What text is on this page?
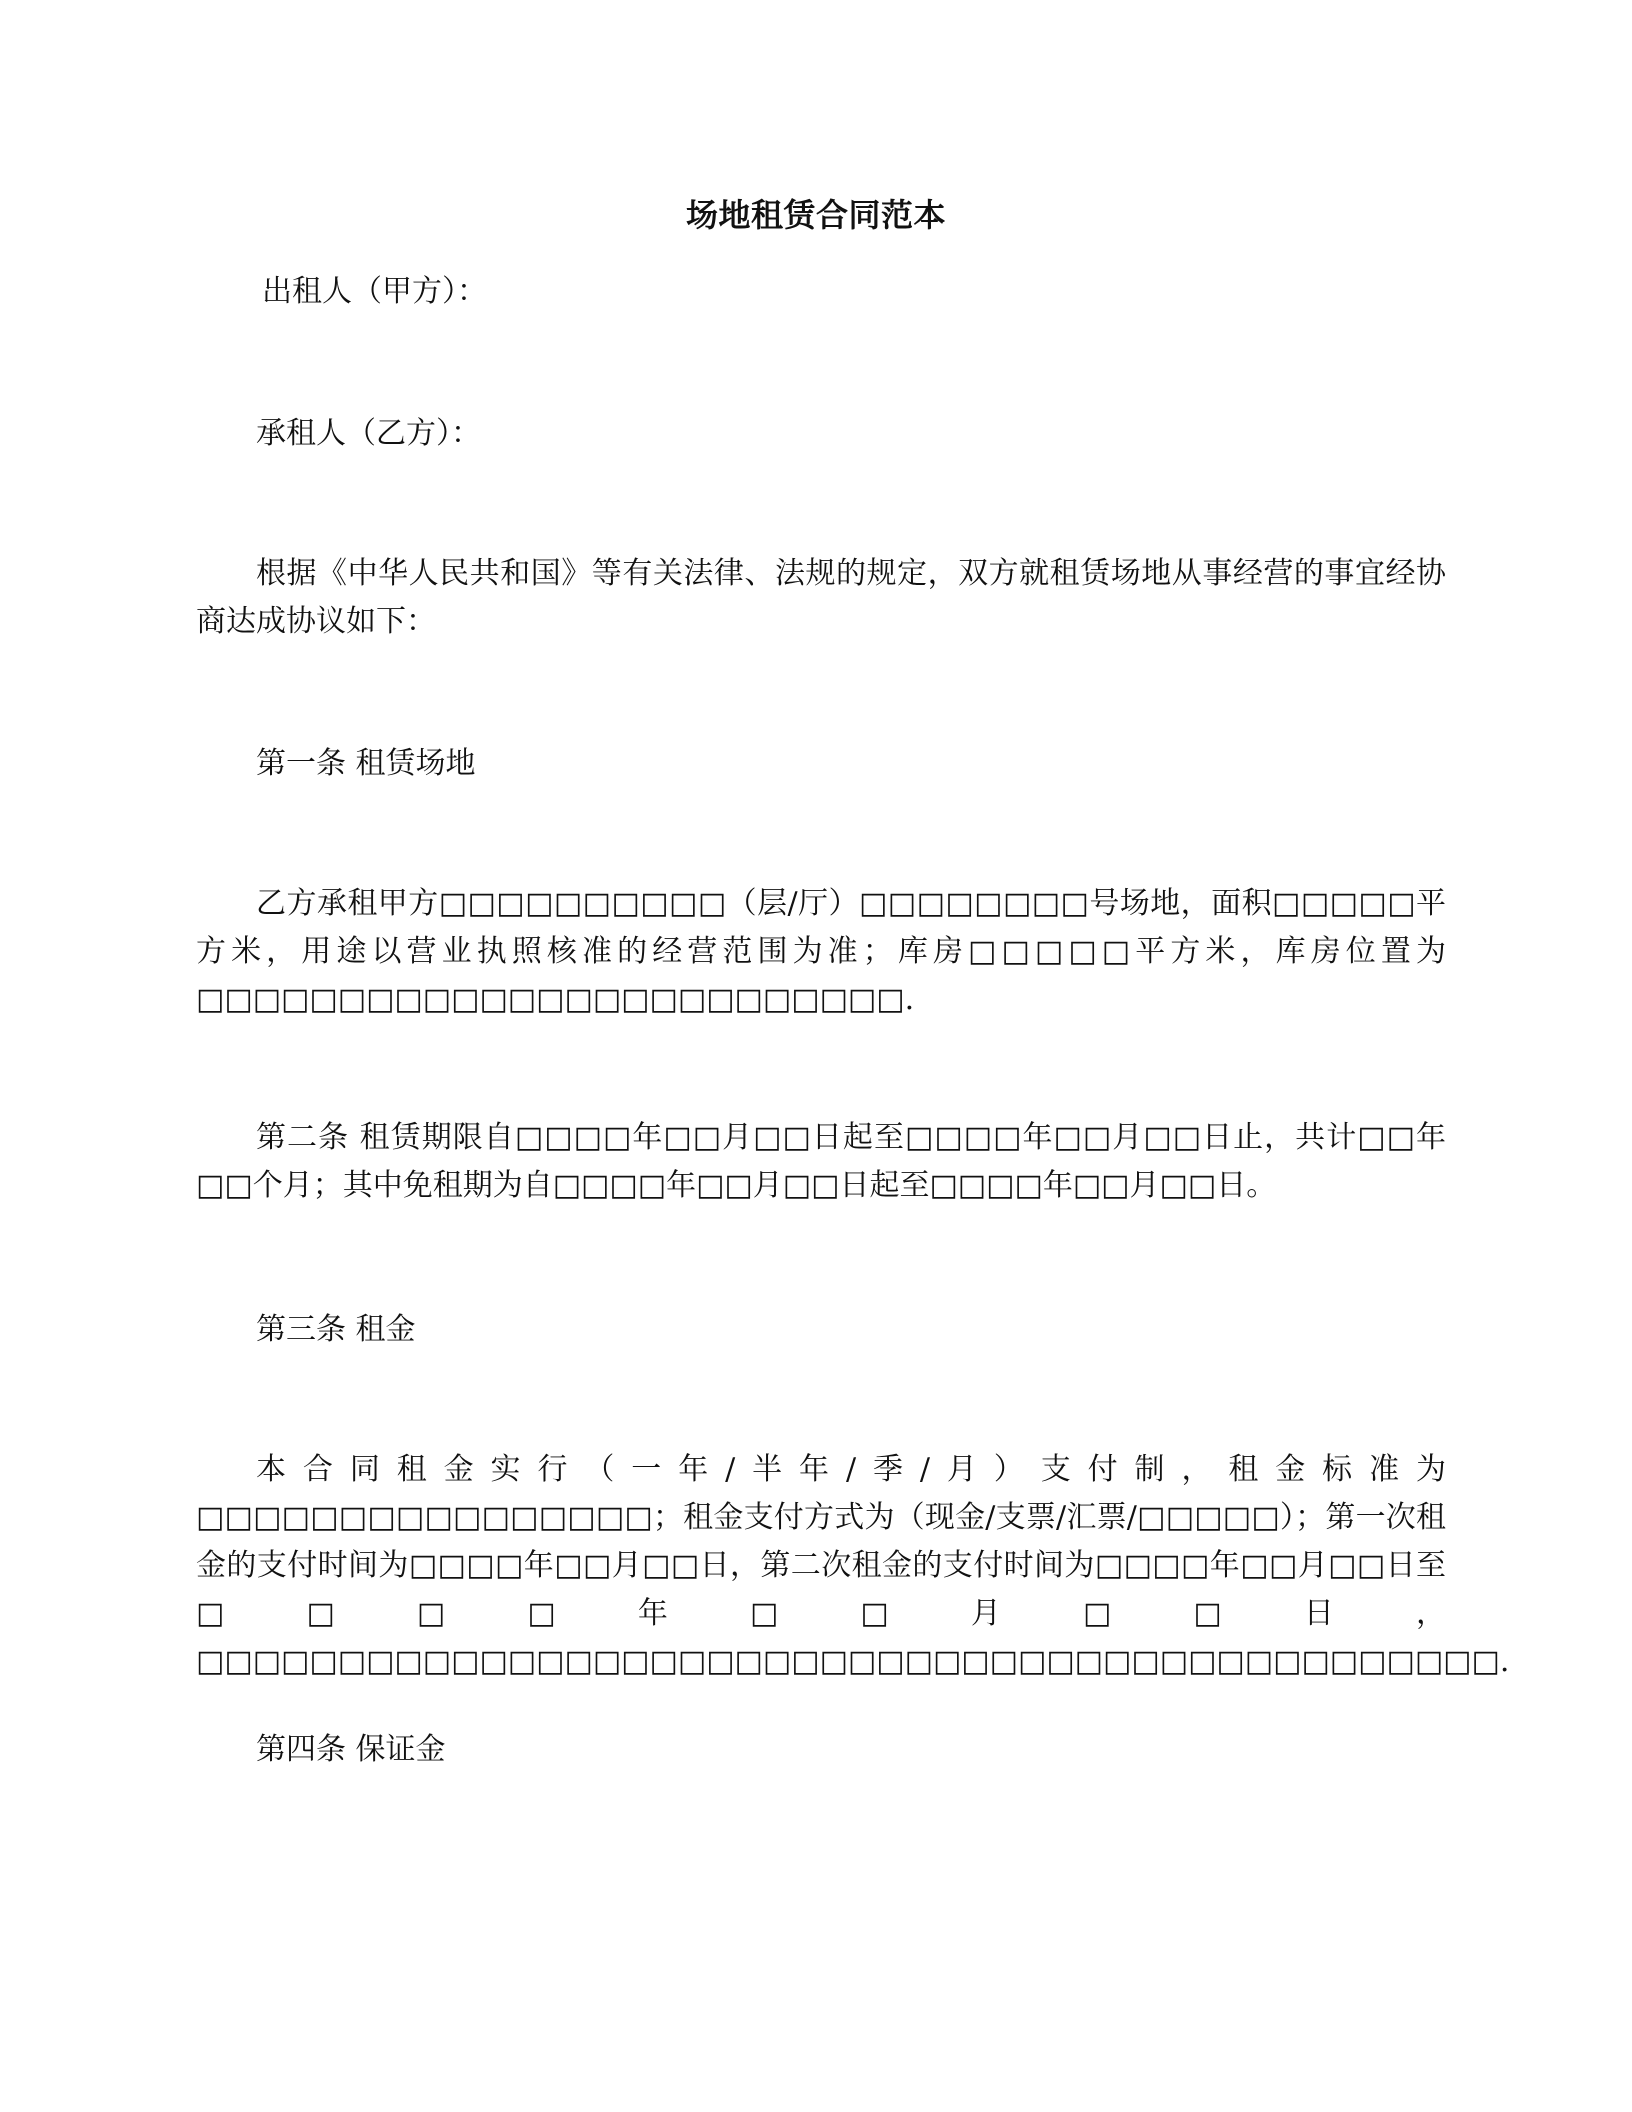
场地租赁合同范本
出租人（甲方）：
承租人（乙方）：
根据《中华人民共和国》等有关法律、法规的规定，双方就租赁场地从事经营的事宜经协商达成协议如下：
第一条 租赁场地
乙方承租甲方□□□□□□□□□□（层/厅）□□□□□□□□号场地，面积□□□□□平方米，用途以营业执照核准的经营范围为准；库房□□□□□平方米，库房位置为□□□□□□□□□□□□□□□□□□□□□□□□□.
第二条 租赁期限自□□□□年□□月□□日起至□□□□年□□月□□日止，共计□□年□□个月；其中免租期为自□□□□年□□月□□日起至□□□□年□□月□□日。
第三条 租金
本合同租金实行（一年/半年/季/月）支付制，租金标准为□□□□□□□□□□□□□□□□；租金支付方式为（现金/支票/汇票/□□□□□）；第一次租金的支付时间为□□□□年□□月□□日，第二次租金的支付时间为□□□□年□□月□□日至□□□□年□□月□□日，□□□□□□□□□□□□□□□□□□□□□□□□□□□□□□□□□□□□□□□□□□□□□□.
第四条 保证金
